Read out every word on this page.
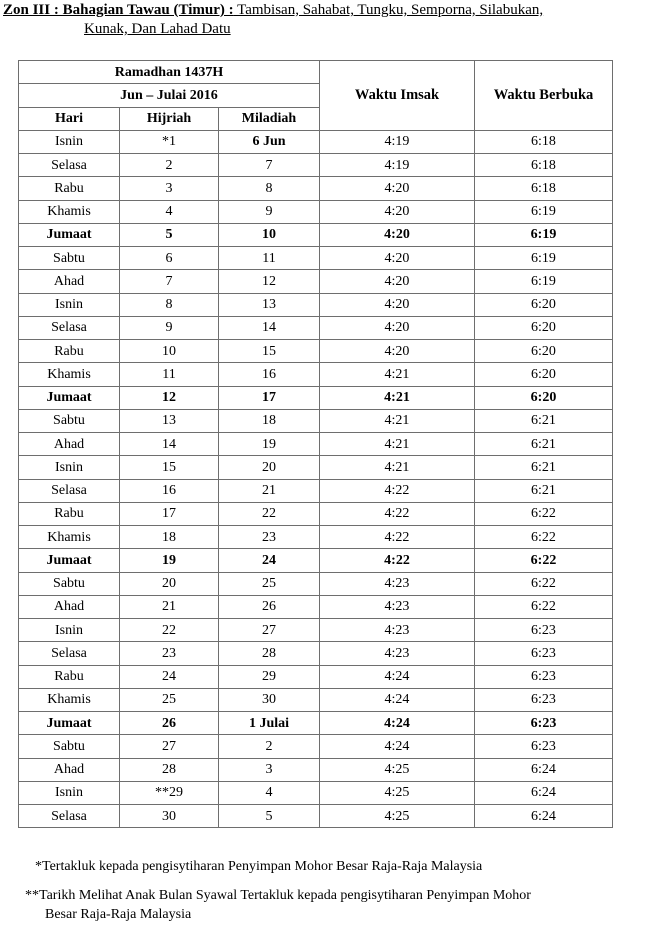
Zon III : Bahagian Tawau (Timur) : Tambisan, Sahabat, Tungku, Semporna, Silabukan,
Kunak, Dan Lahad Datu
Ramadhan 1437H			Waktu Imsak	Waktu Berbuka
Jun – Julai 2016				
Hari	Hijriah	Miladiah		
Isnin	*1	6 Jun	4:19	6:18
Selasa	2	7	4:19	6:18
Rabu	3	8	4:20	6:18
Khamis	4	9	4:20	6:19
Jumaat	5	10	4:20	6:19
Sabtu	6	11	4:20	6:19
Ahad	7	12	4:20	6:19
Isnin	8	13	4:20	6:20
Selasa	9	14	4:20	6:20
Rabu	10	15	4:20	6:20
Khamis	11	16	4:21	6:20
Jumaat	12	17	4:21	6:20
Sabtu	13	18	4:21	6:21
Ahad	14	19	4:21	6:21
Isnin	15	20	4:21	6:21
Selasa	16	21	4:22	6:21
Rabu	17	22	4:22	6:22
Khamis	18	23	4:22	6:22
Jumaat	19	24	4:22	6:22
Sabtu	20	25	4:23	6:22
Ahad	21	26	4:23	6:22
Isnin	22	27	4:23	6:23
Selasa	23	28	4:23	6:23
Rabu	24	29	4:24	6:23
Khamis	25	30	4:24	6:23
Jumaat	26	1 Julai	4:24	6:23
Sabtu	27	2	4:24	6:23
Ahad	28	3	4:25	6:24
Isnin	**29	4	4:25	6:24
Selasa	30	5	4:25	6:24
*Tertakluk kepada pengisytiharan Penyimpan Mohor Besar Raja-Raja Malaysia
**Tarikh Melihat Anak Bulan Syawal Tertakluk kepada pengisytiharan Penyimpan Mohor
Besar Raja-Raja Malaysia
